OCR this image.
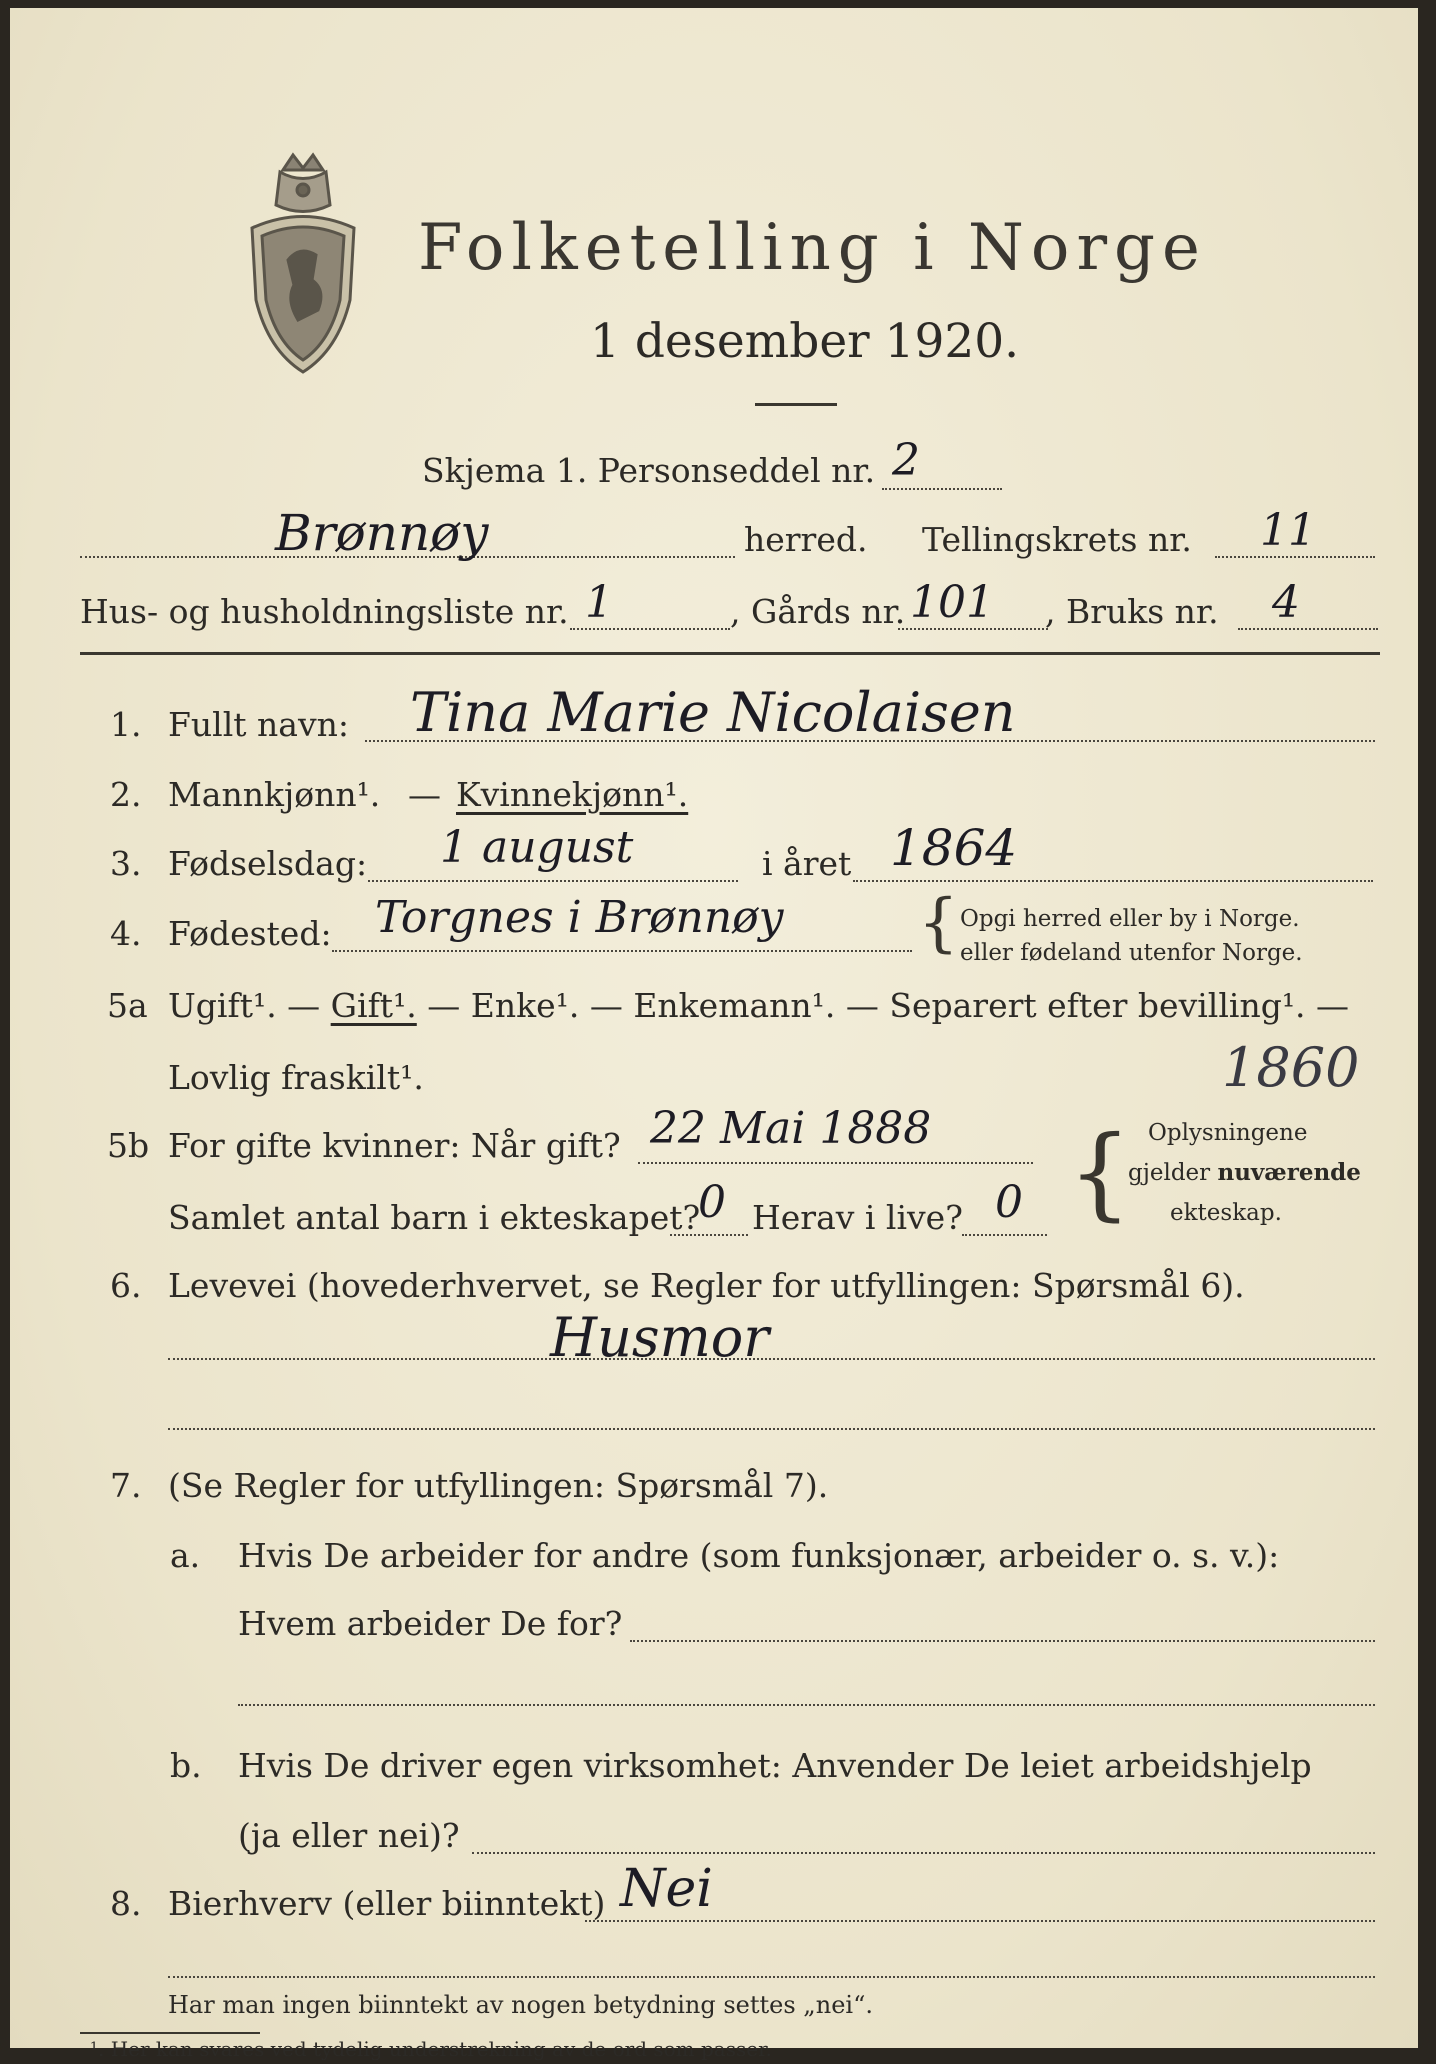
Folketelling i Norge
1 desember 1920.
Skjema 1. Personseddel nr. 2
Brønnøy	herred. Tellingskrets nr. 11
Hus- og husholdningsliste nr. 1	, Gårds nr. 101 , Bruks nr. 4
1. Fullt navn: Tina Marie Nicolaisen
2. Mannkjønn¹. — Kvinnekjønn¹.
3. Fødselsdag: 1 august	i året 1864
4. Fødested: Torgnes i Brønnøy { Opgi herred eller by i Norge.
eller fødeland utenfor Norge.
5a Ugift¹. — Gift¹. — Enke¹. — Enkemann¹. — Separert efter bevilling¹. —
Lovlig fraskilt¹.	1860
5b For gifte kvinner: Når gift? 22 Mai 1888
Samlet antal barn i ekteskapet?
0 Herav i live? 0 { Oplysningene
gjelder nuværende
ekteskap.
6. Levevei (hovederhvervet, se Regler for utfyllingen: Spørsmål 6).
Husmor
7. (Se Regler for utfyllingen: Spørsmål 7).
a. Hvis De arbeider for andre (som funksjonær, arbeider o. s. v.):
Hvem arbeider De for?
b. Hvis De driver egen virksomhet: Anvender De leiet arbeidshjelp
(ja eller nei)?
8. Bierhverv (eller biinntekt) Nei
Har man ingen biinntekt av nogen betydning settes „nei“.
¹. Her kan svares ved tydelig understrekning av de ord som passer.
